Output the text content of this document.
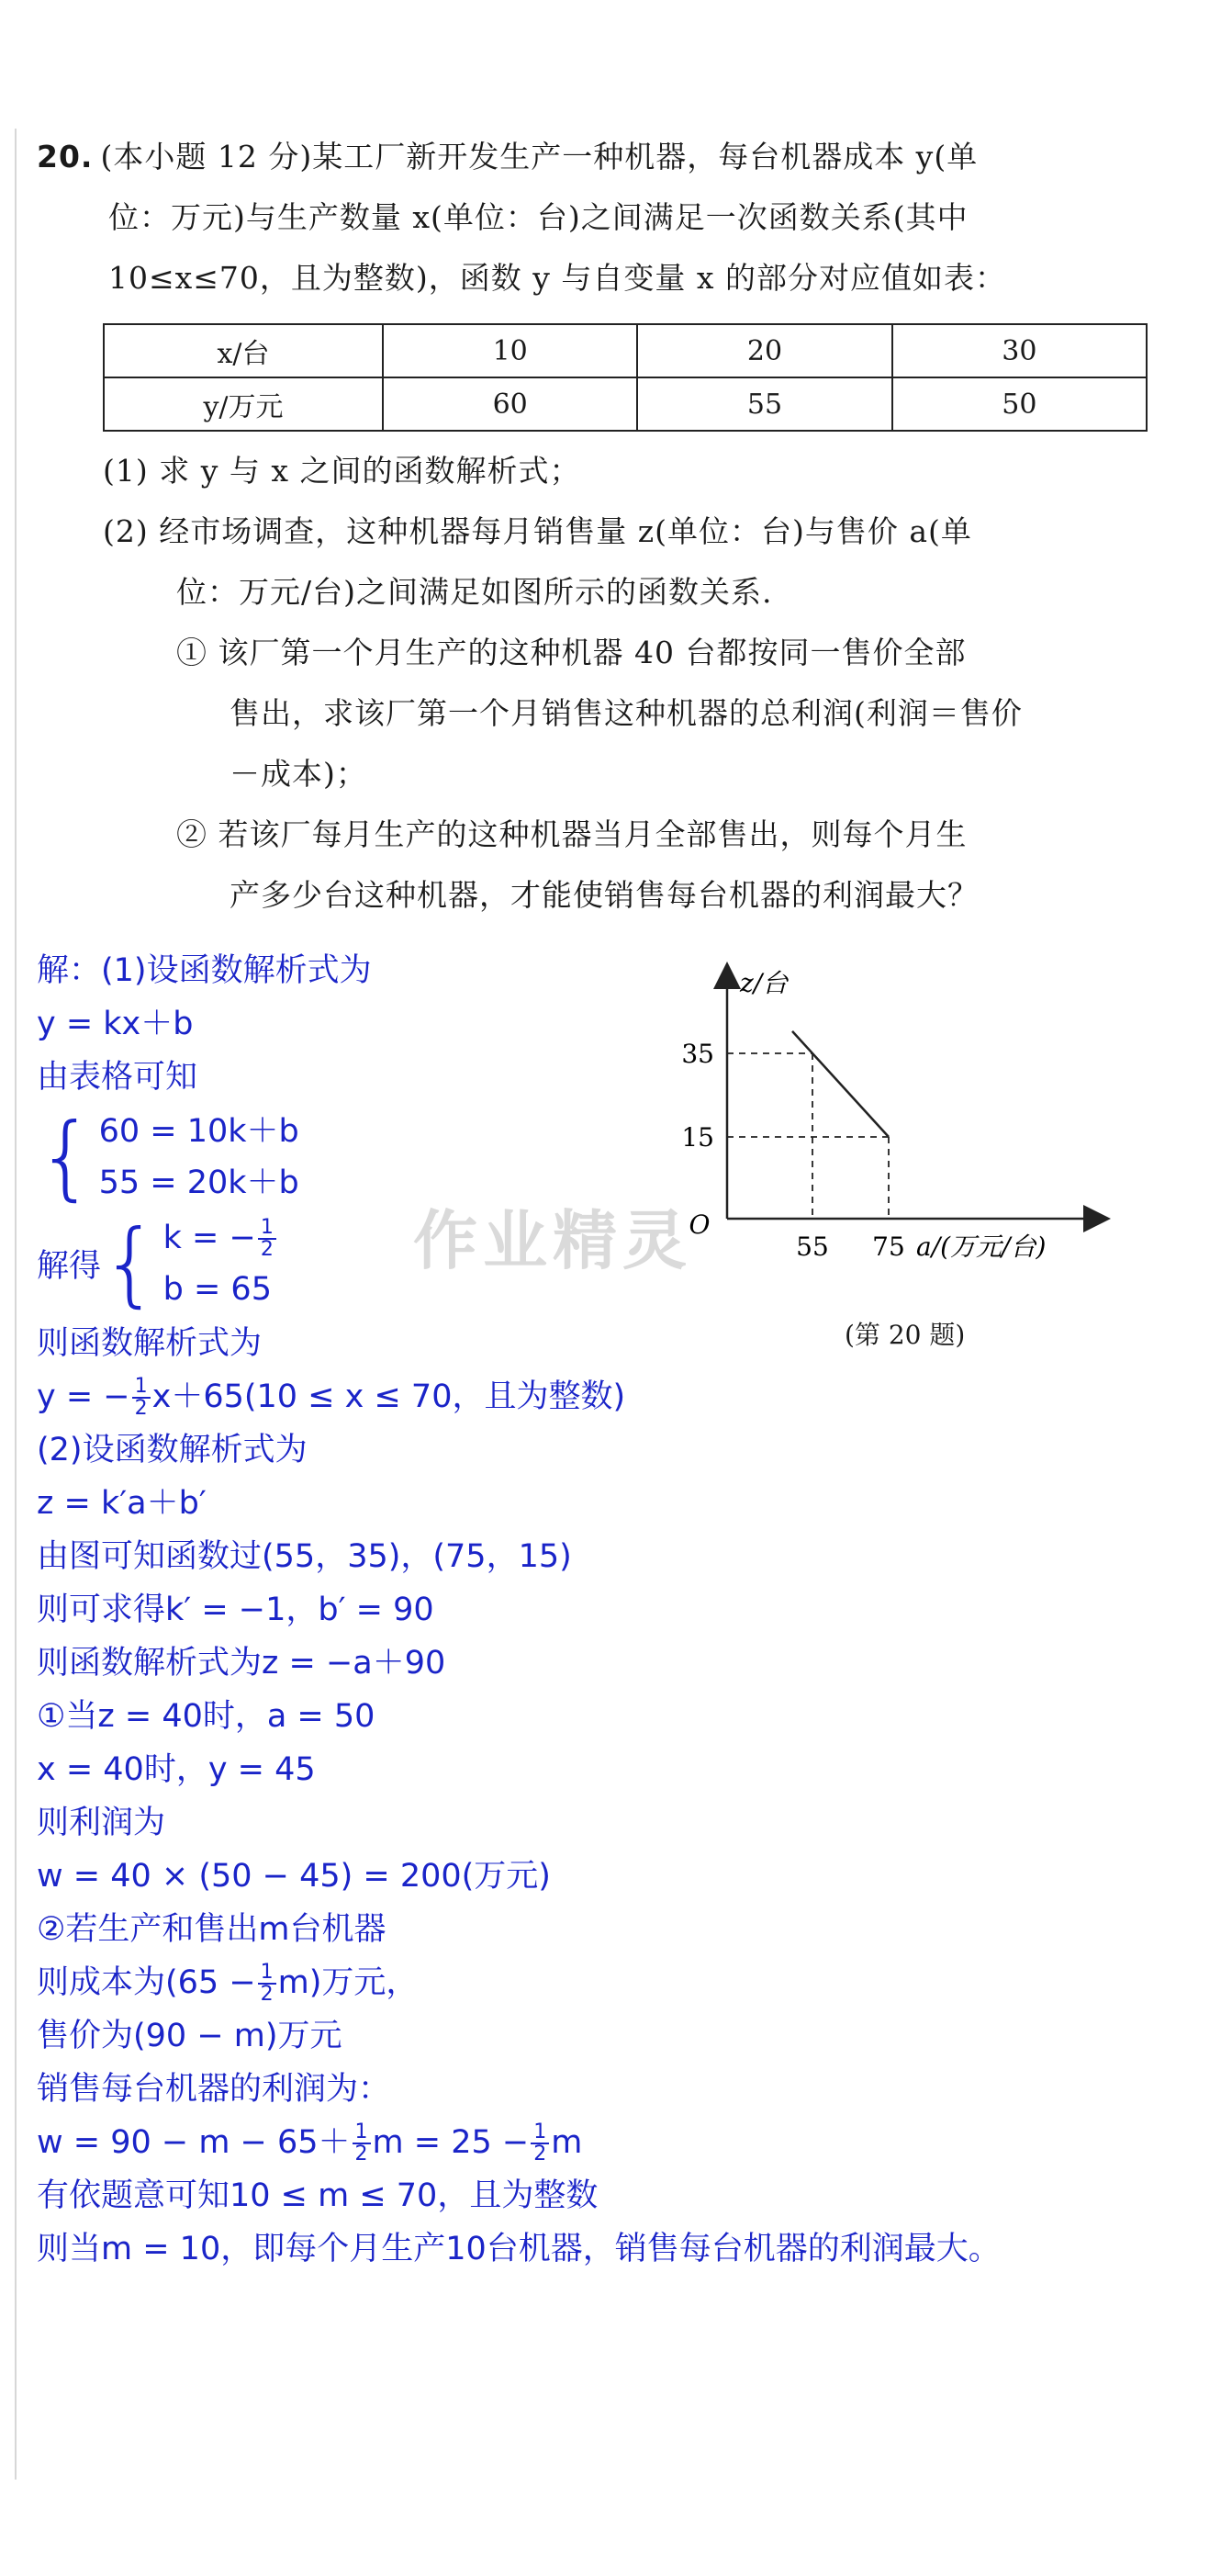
20. (本小题 12 分)某工厂新开发生产一种机器，每台机器成本 y(单

位：万元)与生产数量 x(单位：台)之间满足一次函数关系(其中

10≤x≤70，且为整数)，函数 y 与自变量 x 的部分对应值如表：

x/台	10	20	30
y/万元	60	55	50

(1) 求 y 与 x 之间的函数解析式；

(2) 经市场调查，这种机器每月销售量 z(单位：台)与售价 a(单

位：万元/台)之间满足如图所示的函数关系.

① 该厂第一个月生产的这种机器 40 台都按同一售价全部

售出，求该厂第一个月销售这种机器的总利润(利润＝售价

－成本)；

② 若该厂每月生产的这种机器当月全部售出，则每个月生

产多少台这种机器，才能使销售每台机器的利润最大？

35
55
15
75
O
z/台
a/(万元/台)
作业精灵
(第 20 题)
解：(1)设函数解析式为
y = kx＋b
由表格可知
{ 60 = 10k＋b
55 = 20k＋b
解得 { k = − $\frac{1}{2}$
b = 65
则函数解析式为
y = − $\frac{1}{2} x+65(10 \le x \le 70$，且为整数)
(2)设函数解析式为
z = k′a＋b′
由图可知函数过(55，35)，(75，15)
则可求得k′ = −1，b′ = 90
则函数解析式为z = −a＋90
①当z = 40时，a = 50
x = 40时，y = 45
则利润为
w = 40 × (50 − 45) = 200(万元)
②若生产和售出m台机器
则成本为$(65 - \frac{1}{2} m)$万元，
售价为(90 − m)万元
销售每台机器的利润为：
$w = 90 - m - 65+ \frac{1}{2}$ $m = 25 - \frac{1}{2}$ m
有依题意可知10 ≤ m ≤ 70，且为整数
则当m = 10，即每个月生产10台机器，销售每台机器的利润最大。
